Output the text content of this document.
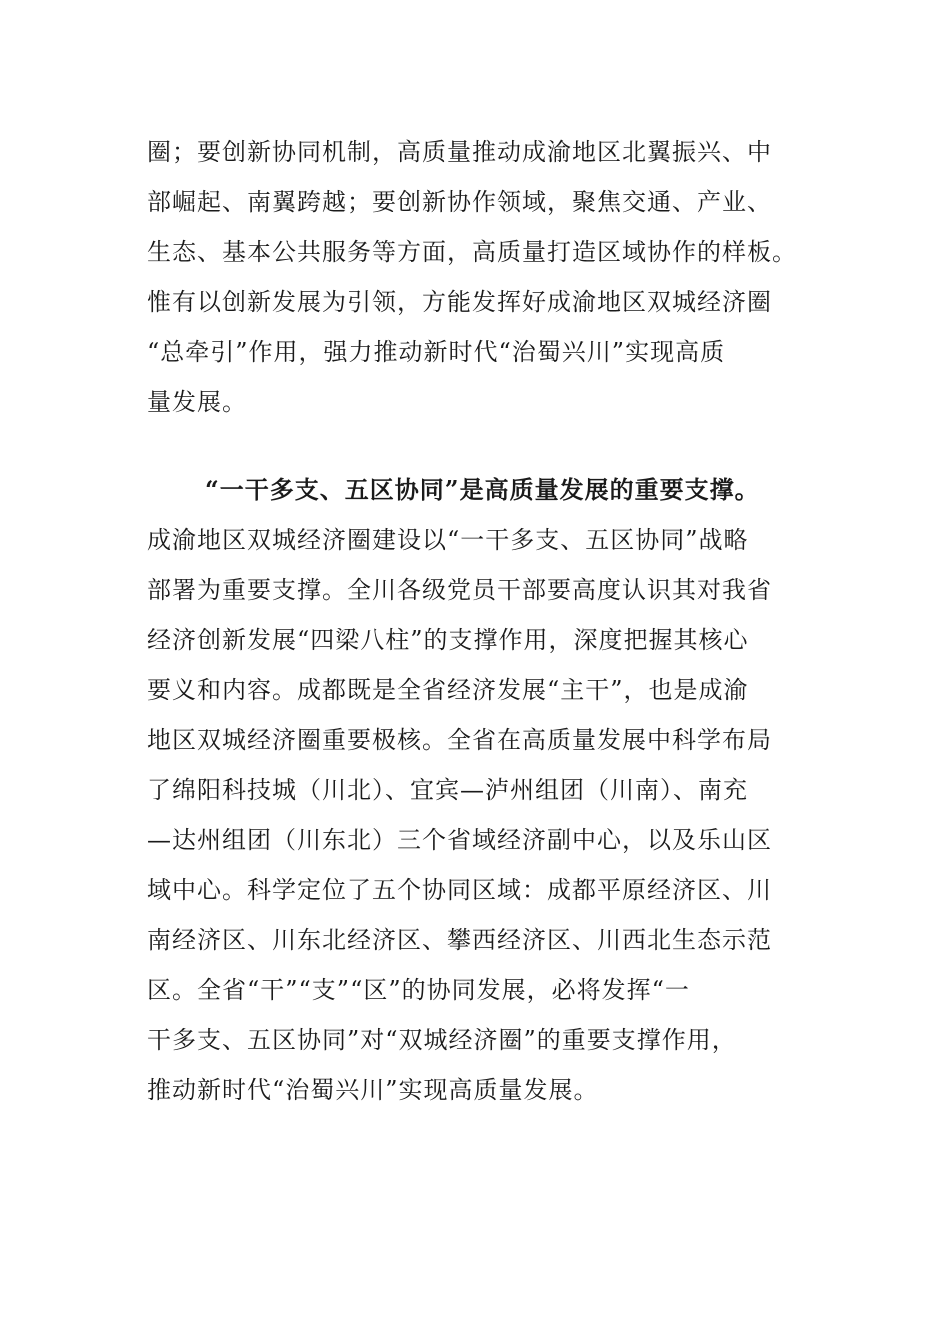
圈；要创新协同机制，高质量推动成渝地区北翼振兴、中
部崛起、南翼跨越；要创新协作领域，聚焦交通、产业、
生态、基本公共服务等方面，高质量打造区域协作的样板。
惟有以创新发展为引领，方能发挥好成渝地区双城经济圈
“总牵引”作用，强力推动新时代“治蜀兴川”实现高质
量发展。
“一干多支、五区协同”是高质量发展的重要支撑。
成渝地区双城经济圈建设以“一干多支、五区协同”战略
部署为重要支撑。全川各级党员干部要高度认识其对我省
经济创新发展“四梁八柱”的支撑作用，深度把握其核心
要义和内容。成都既是全省经济发展“主干”，也是成渝
地区双城经济圈重要极核。全省在高质量发展中科学布局
了绵阳科技城（川北）、宜宾—泸州组团（川南）、南充
—达州组团（川东北）三个省域经济副中心，以及乐山区
域中心。科学定位了五个协同区域：成都平原经济区、川
南经济区、川东北经济区、攀西经济区、川西北生态示范
区。全省“干”“支”“区”的协同发展，必将发挥“一
干多支、五区协同”对“双城经济圈”的重要支撑作用，
推动新时代“治蜀兴川”实现高质量发展。
